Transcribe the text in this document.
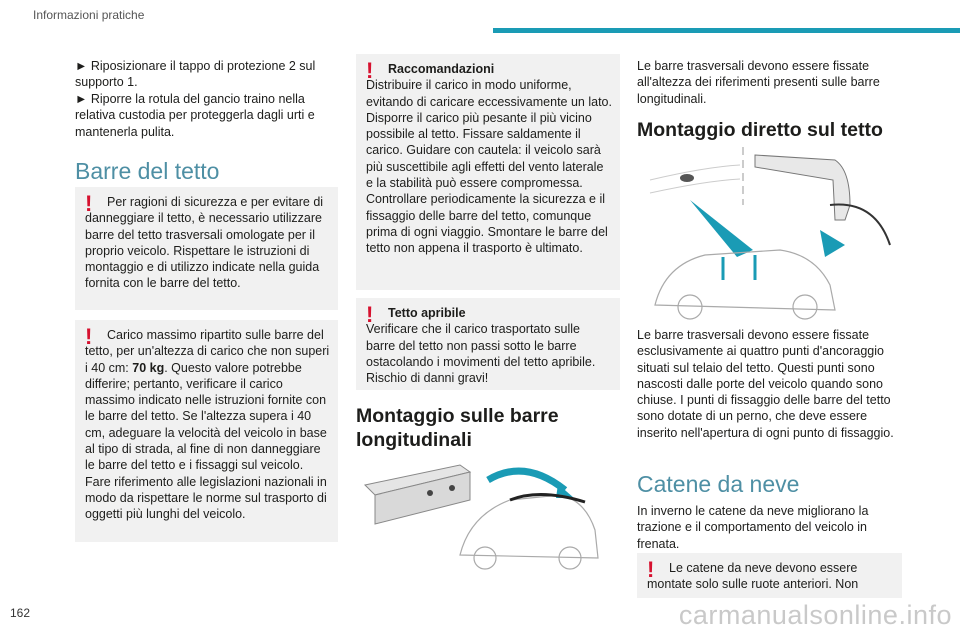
Informazioni pratiche
► Riposizionare il tappo di protezione 2 sul supporto 1.
► Riporre la rotula del gancio traino nella relativa custodia per proteggerla dagli urti e mantenerla pulita.
Barre del tetto
!	Per ragioni di sicurezza e per evitare di danneggiare il tetto, è necessario utilizzare barre del tetto trasversali omologate per il proprio veicolo. Rispettare le istruzioni di montaggio e di utilizzo indicate nella guida fornita con le barre del tetto.
!	Carico massimo ripartito sulle barre del tetto, per un'altezza di carico che non superi i 40 cm: 70 kg. Questo valore potrebbe differire; pertanto, verificare il carico massimo indicato nelle istruzioni fornite con le barre del tetto. Se l'altezza supera i 40 cm, adeguare la velocità del veicolo in base al tipo di strada, al fine di non danneggiare le barre del tetto e i fissaggi sul veicolo. Fare riferimento alle legislazioni nazionali in modo da rispettare le norme sul trasporto di oggetti più lunghi del veicolo.
!	Raccomandazioni
Distribuire il carico in modo uniforme, evitando di caricare eccessivamente un lato. Disporre il carico più pesante il più vicino possibile al tetto. Fissare saldamente il carico. Guidare con cautela: il veicolo sarà più suscettibile agli effetti del vento laterale e la stabilità può essere compromessa. Controllare periodicamente la sicurezza e il fissaggio delle barre del tetto, comunque prima di ogni viaggio. Smontare le barre del tetto non appena il trasporto è ultimato.
!	Tetto apribile
Verificare che il carico trasportato sulle barre del tetto non passi sotto le barre ostacolando i movimenti del tetto apribile. Rischio di danni gravi!
Montaggio sulle barre longitudinali
Le barre trasversali devono essere fissate all'altezza dei riferimenti presenti sulle barre longitudinali.
Montaggio diretto sul tetto
Le barre trasversali devono essere fissate esclusivamente ai quattro punti d'ancoraggio situati sul telaio del tetto. Questi punti sono nascosti dalle porte del veicolo quando sono chiuse. I punti di fissaggio delle barre del tetto sono dotate di un perno, che deve essere inserito nell'apertura di ogni punto di fissaggio.
Catene da neve
In inverno le catene da neve migliorano la trazione e il comportamento del veicolo in frenata.
!	Le catene da neve devono essere montate solo sulle ruote anteriori. Non
162	carmanualsonline.info
